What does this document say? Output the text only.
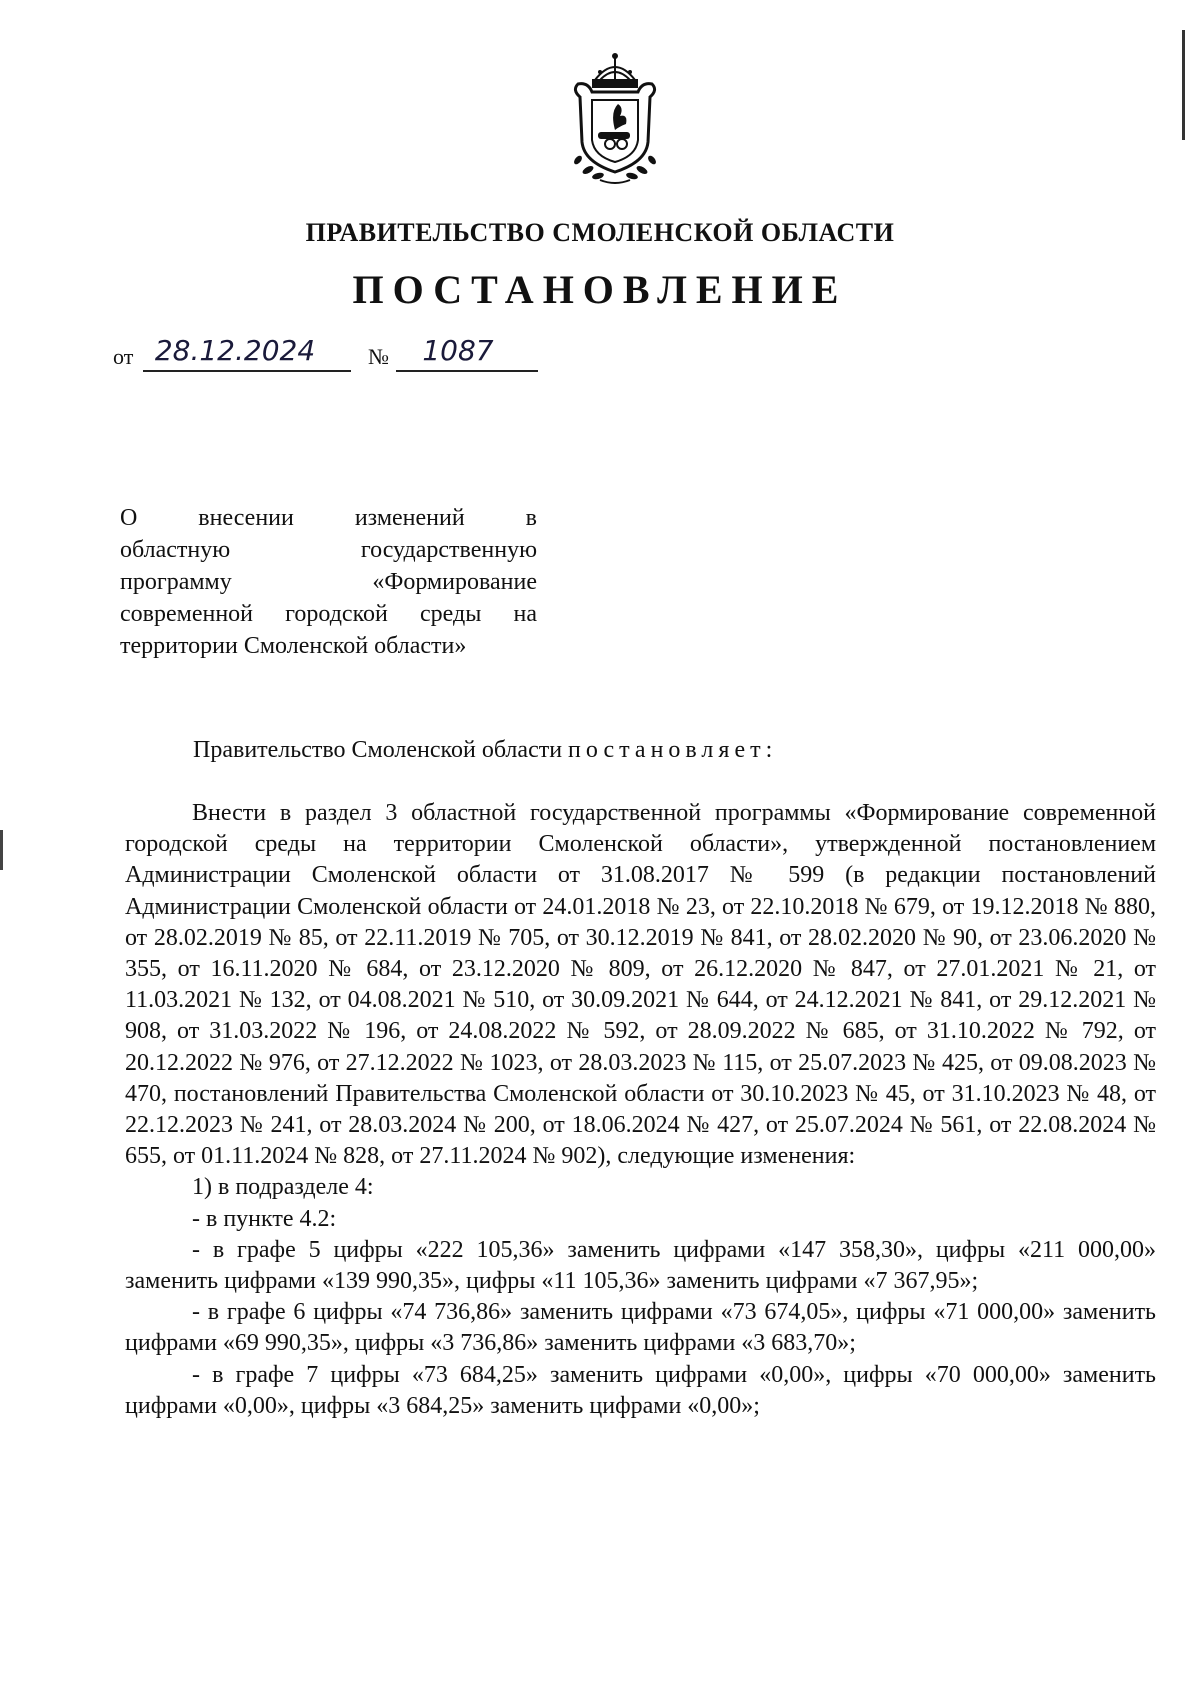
ПРАВИТЕЛЬСТВО СМОЛЕНСКОЙ ОБЛАСТИ
ПОСТАНОВЛЕНИЕ
от 28.12.2024	№	1087
О внесении изменений в
областную государственную
программу «Формирование
современной городской среды на
территории Смоленской области»
Правительство Смоленской области постановляет:

Внести в раздел 3 областной государственной программы «Формирование современной городской среды на территории Смоленской области», утвержденной постановлением Администрации Смоленской области от 31.08.2017 № 599 (в редакции постановлений Администрации Смоленской области от 24.01.2018 № 23, от 22.10.2018 № 679, от 19.12.2018 № 880, от 28.02.2019 № 85, от 22.11.2019 № 705, от 30.12.2019 № 841, от 28.02.2020 № 90, от 23.06.2020 № 355, от 16.11.2020 № 684, от 23.12.2020 № 809, от 26.12.2020 № 847, от 27.01.2021 № 21, от 11.03.2021 № 132, от 04.08.2021 № 510, от 30.09.2021 № 644, от 24.12.2021 № 841, от 29.12.2021 № 908, от 31.03.2022 № 196, от 24.08.2022 № 592, от 28.09.2022 № 685, от 31.10.2022 № 792, от 20.12.2022 № 976, от 27.12.2022 № 1023, от 28.03.2023 № 115, от 25.07.2023 № 425, от 09.08.2023 № 470, постановлений Правительства Смоленской области от 30.10.2023 № 45, от 31.10.2023 № 48, от 22.12.2023 № 241, от 28.03.2024 № 200, от 18.06.2024 № 427, от 25.07.2024 № 561, от 22.08.2024 № 655, от 01.11.2024 № 828, от 27.11.2024 № 902), следующие изменения:

1) в подразделе 4:

- в пункте 4.2:

- в графе 5 цифры «222 105,36» заменить цифрами «147 358,30», цифры «211 000,00» заменить цифрами «139 990,35», цифры «11 105,36» заменить цифрами «7 367,95»;

- в графе 6 цифры «74 736,86» заменить цифрами «73 674,05», цифры «71 000,00» заменить цифрами «69 990,35», цифры «3 736,86» заменить цифрами «3 683,70»;

- в графе 7 цифры «73 684,25» заменить цифрами «0,00», цифры «70 000,00» заменить цифрами «0,00», цифры «3 684,25» заменить цифрами «0,00»;
